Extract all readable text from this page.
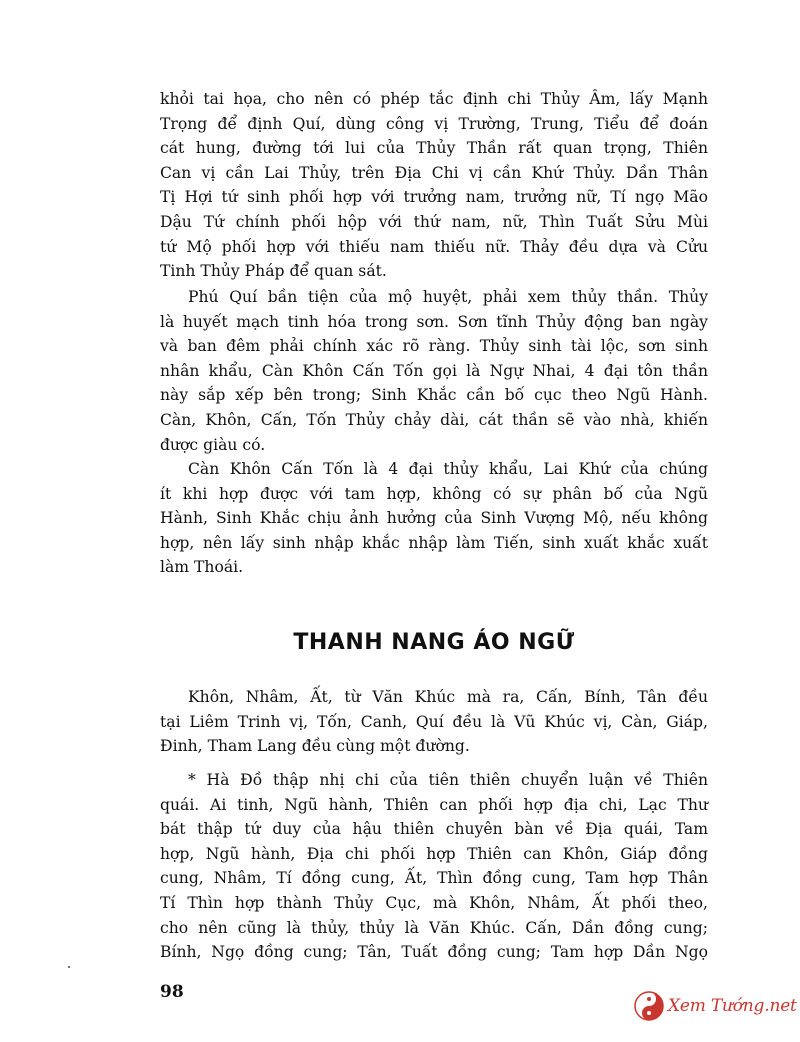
khỏi tai họa, cho nên có phép tắc định chi Thủy Âm, lấy Mạnh
Trọng để định Quí, dùng công vị Trường, Trung, Tiểu để đoán
cát hung, đường tới lui của Thủy Thần rất quan trọng, Thiên
Can vị cần Lai Thủy, trên Địa Chi vị cần Khứ Thủy. Dần Thân
Tị Hợi tứ sinh phối hợp với trưởng nam, trưởng nữ, Tí ngọ Mão
Dậu Tứ chính phối hộp với thứ nam, nữ, Thìn Tuất Sửu Mùi
tứ Mộ phối hợp với thiếu nam thiếu nữ. Thảy đều dựa và Cửu
Tinh Thủy Pháp để quan sát.

Phú Quí bần tiện của mộ huyệt, phải xem thủy thần. Thủy
là huyết mạch tinh hóa trong sơn. Sơn tĩnh Thủy động ban ngày
và ban đêm phải chính xác rõ ràng. Thủy sinh tài lộc, sơn sinh
nhân khẩu, Càn Khôn Cấn Tốn gọi là Ngự Nhai, 4 đại tôn thần
này sắp xếp bên trong; Sinh Khắc cần bố cục theo Ngũ Hành.
Càn, Khôn, Cấn, Tốn Thủy chảy dài, cát thần sẽ vào nhà, khiến
được giàu có.

Càn Khôn Cấn Tốn là 4 đại thủy khẩu, Lai Khứ của chúng
ít khi hợp được với tam hợp, không có sự phân bố của Ngũ
Hành, Sinh Khắc chịu ảnh hưởng của Sinh Vượng Mộ, nếu không
hợp, nên lấy sinh nhập khắc nhập làm Tiến, sinh xuất khắc xuất
làm Thoái.

THANH NANG ÁO NGỮ

Khôn, Nhâm, Ất, từ Văn Khúc mà ra, Cấn, Bính, Tân đều
tại Liêm Trinh vị, Tốn, Canh, Quí đều là Vũ Khúc vị, Càn, Giáp,
Đinh, Tham Lang đều cùng một đường.

* Hà Đồ thập nhị chi của tiên thiên chuyển luận về Thiên
quái. Ai tinh, Ngũ hành, Thiên can phối hợp địa chi, Lạc Thư
bát thập tứ duy của hậu thiên chuyên bàn về Địa quái, Tam
hợp, Ngũ hành, Địa chi phối hợp Thiên can Khôn, Giáp đồng
cung, Nhâm, Tí đồng cung, Ất, Thìn đồng cung, Tam hợp Thân
Tí Thìn hợp thành Thủy Cục, mà Khôn, Nhâm, Ất phối theo,
cho nên cũng là thủy, thủy là Văn Khúc. Cấn, Dần đồng cung;
Bính, Ngọ đồng cung; Tân, Tuất đồng cung; Tam hợp Dần Ngọ

98
Xem Tướng.net
